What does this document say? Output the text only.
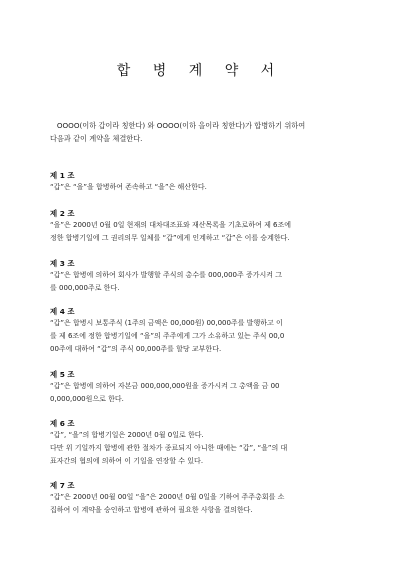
합 병 계 약 서
OOOO(이하 갑이라 칭한다) 와 OOOO(이하 을이라 칭한다)가 합병하기 위하여
다음과 같이 계약을 체결한다.
제 1 조
“갑”은 “을”을 합병하여 존속하고 “을”은 해산한다.
제 2 조
“을”은 2000년 0월 0일 현재의 대차대조표와 재산목록을 기초로하여 제 6조에
정한 합병기일에 그 권리의무 일체를 “갑”에게 인계하고 “갑”은 이를 승계한다.
제 3 조
“갑”은 합병에 의하여 회사가 발행할 주식의 총수를 000,000주 증가시켜 그
를 000,000주로 한다.
제 4 조
“갑”은 합병시 보통주식 (1주의 금액은 00,000원) 00,000주를 발행하고 이
를 제 6조에 정한 합병기일에 “을”의 주주에게 그가 소유하고 있는 주식 00,0
00주에 대하여 “갑”의 주식 00,000주를 할당 교부한다.
제 5 조
“갑”은 합병에 의하여 자본금 000,000,000원을 증가시켜 그 총액을 금 00
0,000,000원으로 한다.
제 6 조
“갑”, “을”의 합병기일은 2000년 0월 0일로 한다.
다만 위 기일까지 합병에 관한 절차가 종료되지 아니한 때에는 “갑”, “을”의 대
표자간의 협의에 의하여 이 기일을 연장할 수 있다.
제 7 조
“갑”은 2000년 00월 00일 “을”은 2000년 0월 0일을 기하여 주주총회를 소
집하여 이 계약을 승인하고 합병에 관하여 필요한 사항을 결의한다.
